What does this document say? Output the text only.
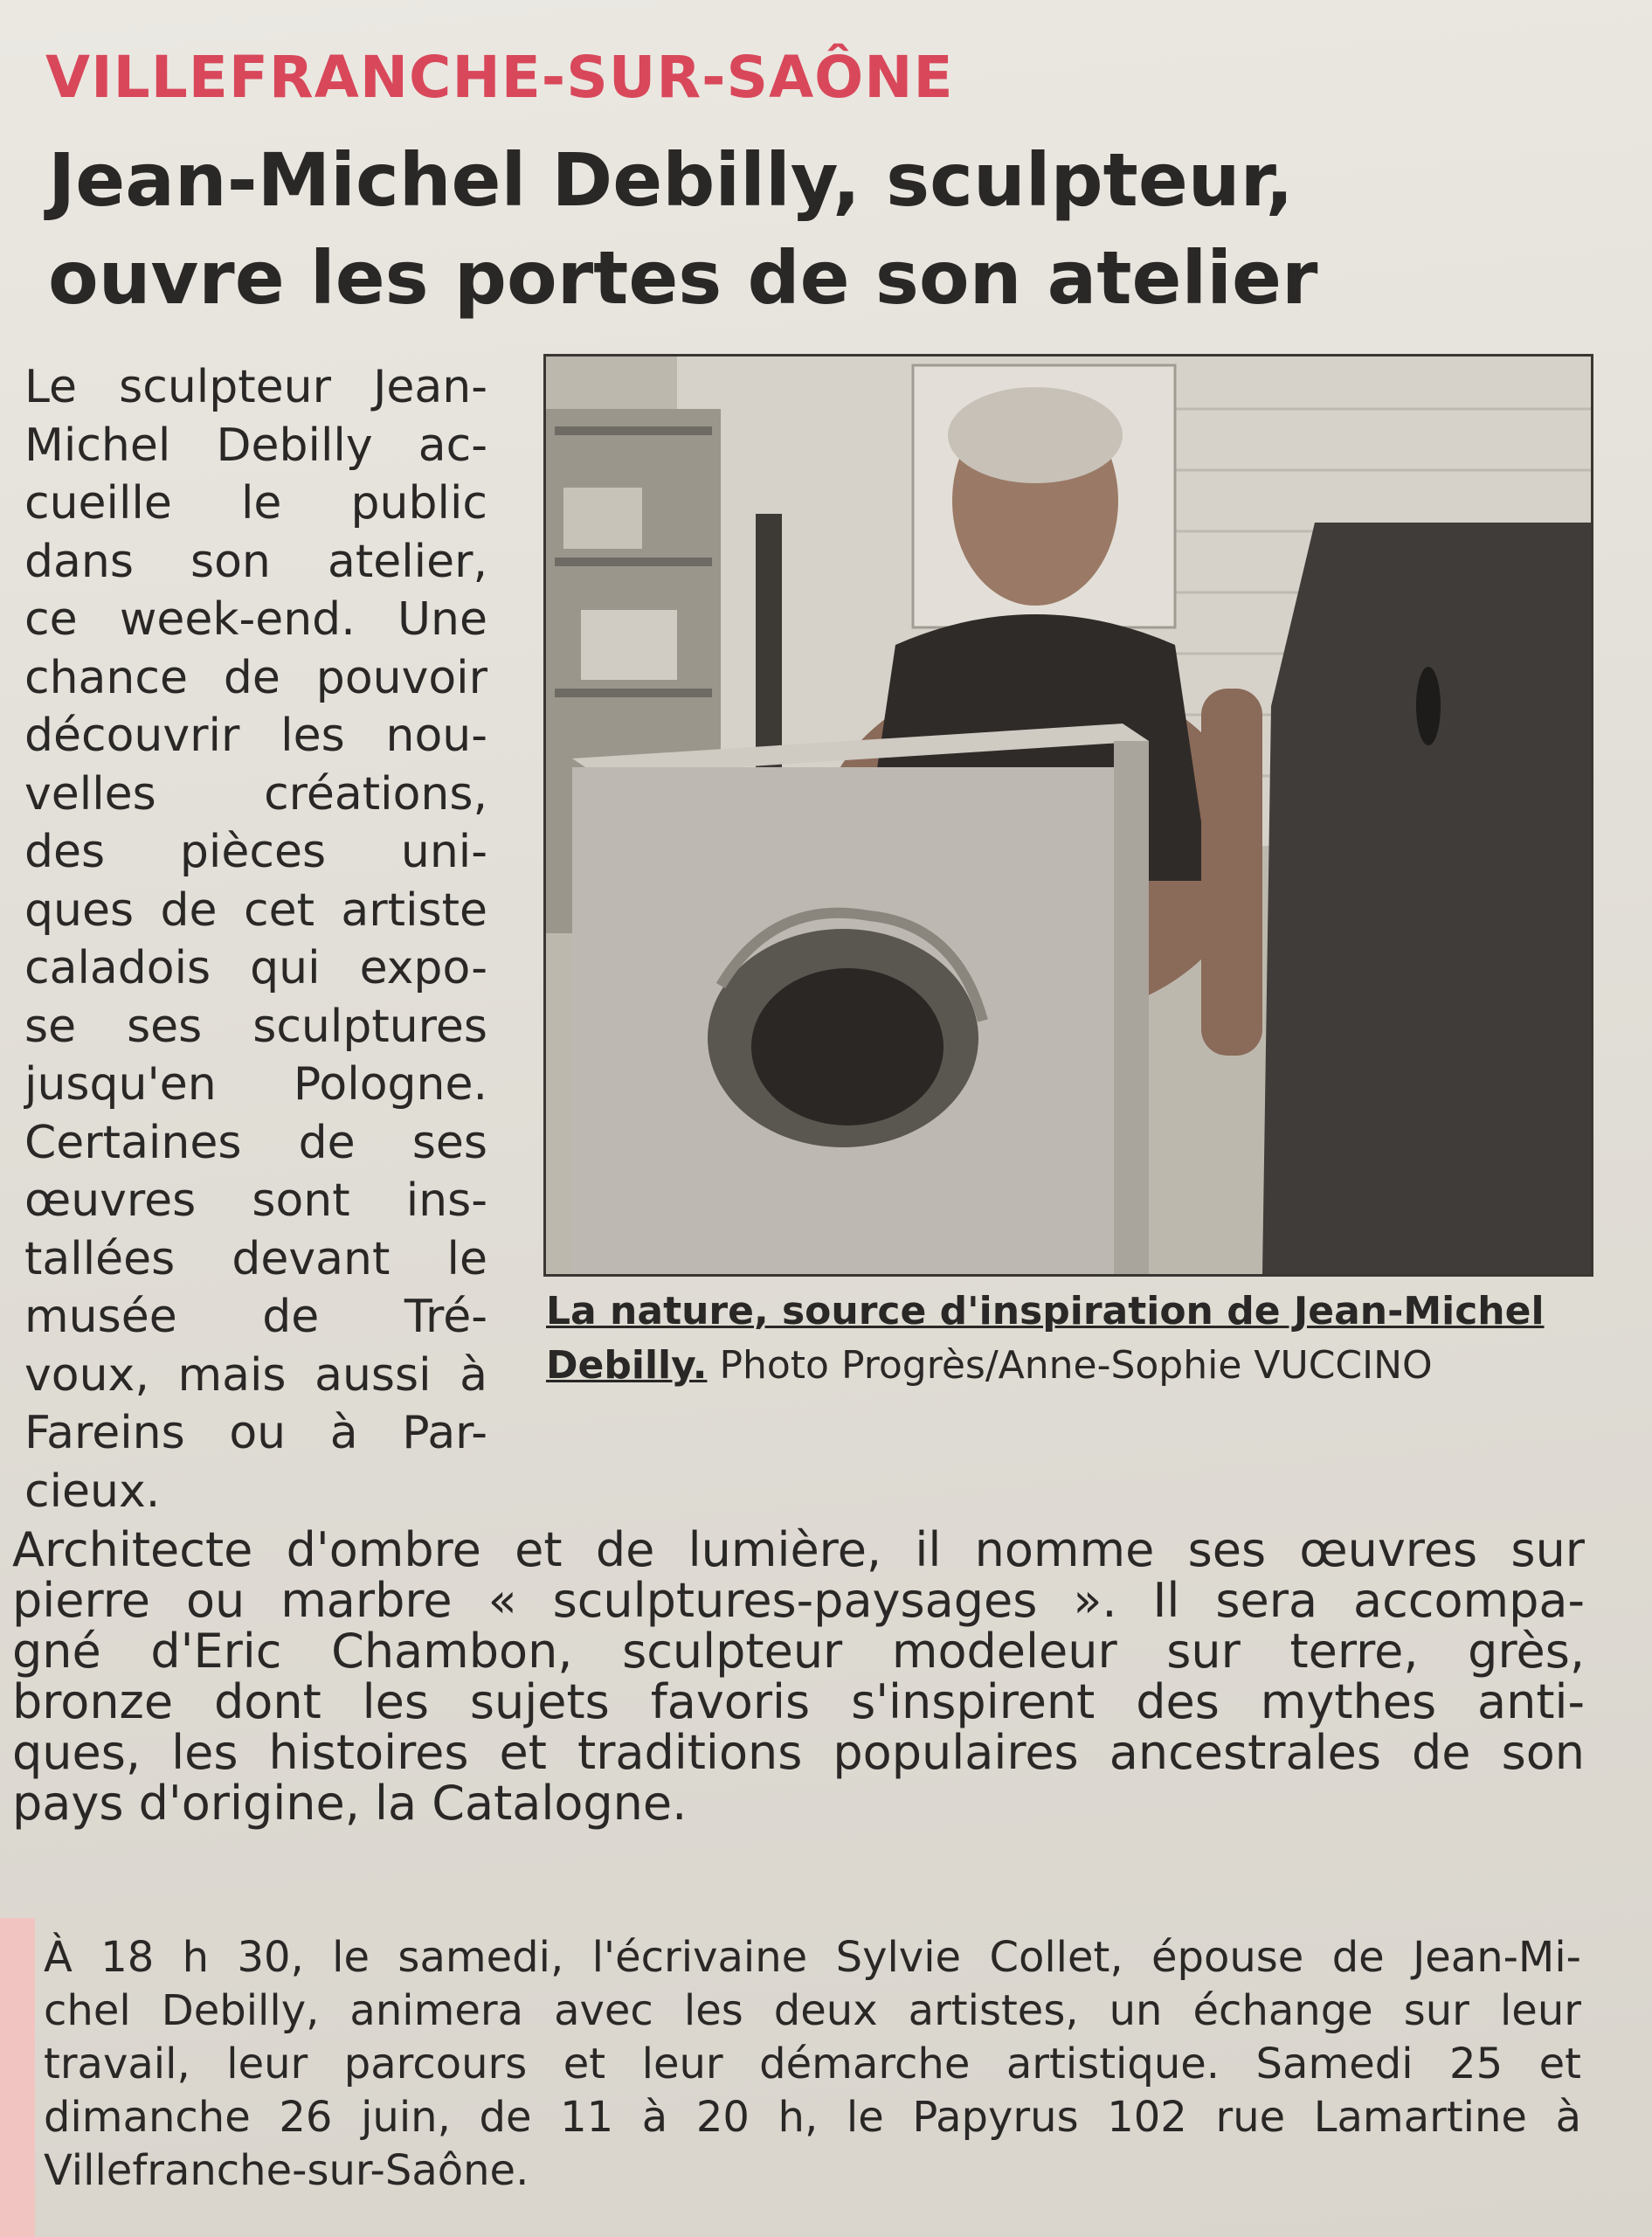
VILLEFRANCHE-SUR-SAÔNE
Jean-Michel Debilly, sculpteur,
ouvre les portes de son atelier
Le sculpteur Jean-
Michel Debilly ac-
cueille le public
dans son atelier,
ce week-end. Une
chance de pouvoir
découvrir les nou-
velles créations,
des pièces uni-
ques de cet artiste
caladois qui expo-
se ses sculptures
jusqu'en Pologne.
Certaines de ses
œuvres sont ins-
tallées devant le
musée de Tré-
voux, mais aussi à
Fareins ou à Par-
cieux.
La nature, source d'inspiration de Jean-Michel
Debilly. Photo Progrès/Anne-Sophie VUCCINO
Architecte d'ombre et de lumière, il nomme ses œuvres sur
pierre ou marbre « sculptures-paysages ». Il sera accompa-
gné d'Eric Chambon, sculpteur modeleur sur terre, grès,
bronze dont les sujets favoris s'inspirent des mythes anti-
ques, les histoires et traditions populaires ancestrales de son
pays d'origine, la Catalogne.
À 18 h 30, le samedi, l'écrivaine Sylvie Collet, épouse de Jean-Mi-
chel Debilly, animera avec les deux artistes, un échange sur leur
travail, leur parcours et leur démarche artistique. Samedi 25 et
dimanche 26 juin, de 11 à 20 h, le Papyrus 102 rue Lamartine à
Villefranche-sur-Saône.
